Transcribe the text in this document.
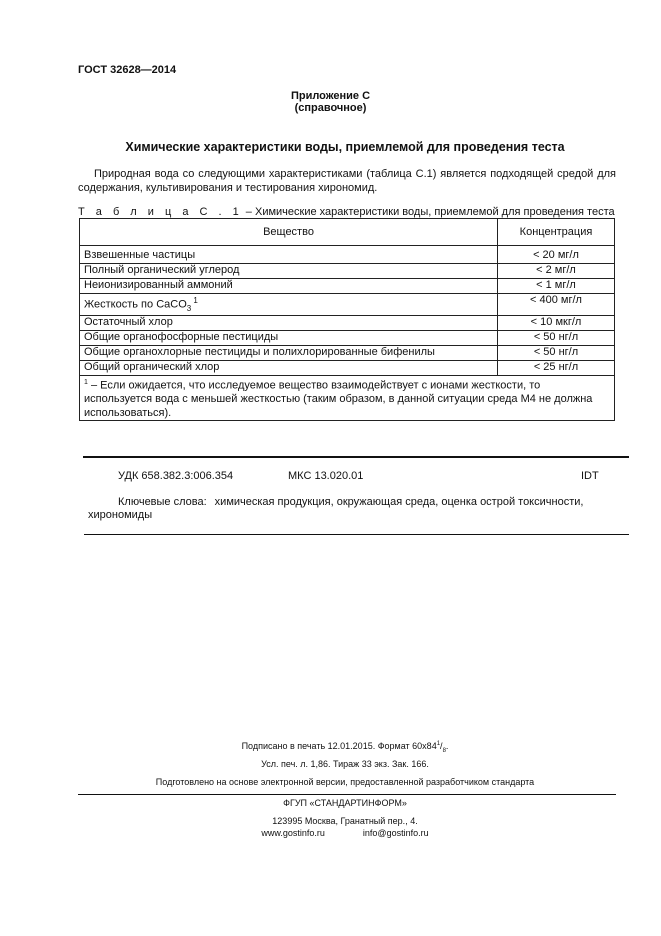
ГОСТ 32628—2014
Приложение С
(справочное)
Химические характеристики воды, приемлемой для проведения теста
Природная вода со следующими характеристиками (таблица С.1) является подходящей средой для содержания, культивирования и тестирования хирономид.
Т а б л и ц а С . 1 – Химические характеристики воды, приемлемой для проведения теста
Вещество	Концентрация
Взвешенные частицы	< 20 мг/л
Полный органический углерод	< 2 мг/л
Неионизированный аммоний	< 1 мг/л
Жесткость по CaCO$_3$ $^1$	< 400 мг/л
Остаточный хлор	< 10 мкг/л
Общие органофосфорные пестициды	< 50 нг/л
Общие органохлорные пестициды и полихлорированные бифенилы	< 50 нг/л
Общий органический хлор	< 25 нг/л
$^1$ – Если ожидается, что исследуемое вещество взаимодействует с ионами жесткости, то используется вода с меньшей жесткостью (таким образом, в данной ситуации среда М4 не должна использоваться).	
УДК 658.382.3:006.354	МКС 13.020.01	IDT
Ключевые слова: химическая продукция, окружающая среда, оценка острой токсичности, хирономиды
Подписано в печать 12.01.2015. Формат $60x84^1/_8$.
Усл. печ. л. 1,86. Тираж 33 экз. Зак. 166.
Подготовлено на основе электронной версии, предоставленной разработчиком стандарта
ФГУП «СТАНДАРТИНФОРМ»
123995 Москва, Гранатный пер., 4.
www.gostinfo.ru	info@gostinfo.ru
